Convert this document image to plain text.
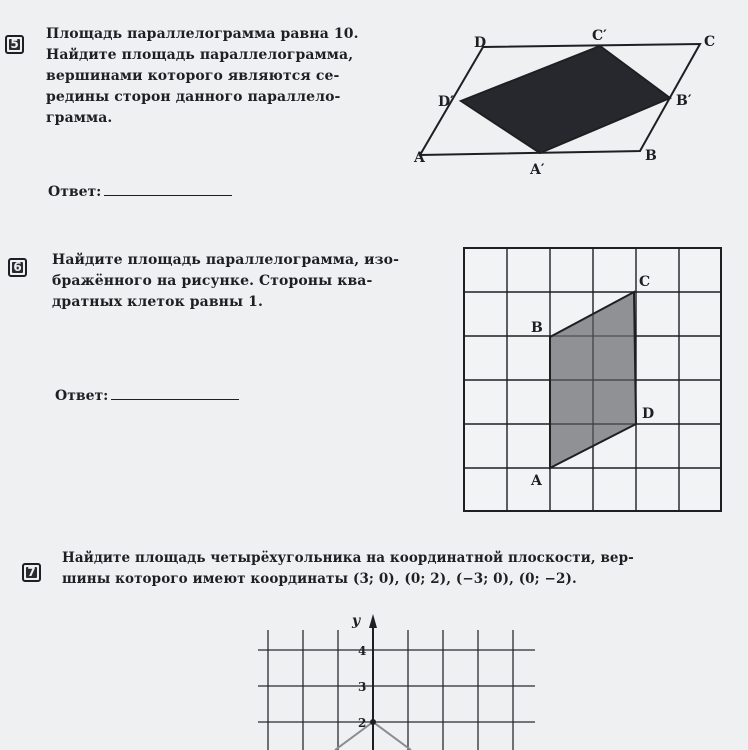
5
Площадь параллелограмма равна 10.
Найдите площадь параллелограмма,
вершинами которого являются се-
редины сторон данного параллело-
грамма.
Ответ:
A	B
C
D
A′
B′
C′
D′
B
C
D
A
y
4
3
2
6 Найдите площадь параллелограмма, изо-
бражённого на рисунке. Стороны ква-
дратных клеток равны 1.
Ответ:
7
Найдите площадь четырёхугольника на координатной плоскости, вер-
шины которого имеют координаты (3; 0), (0; 2), (−3; 0), (0; −2).
